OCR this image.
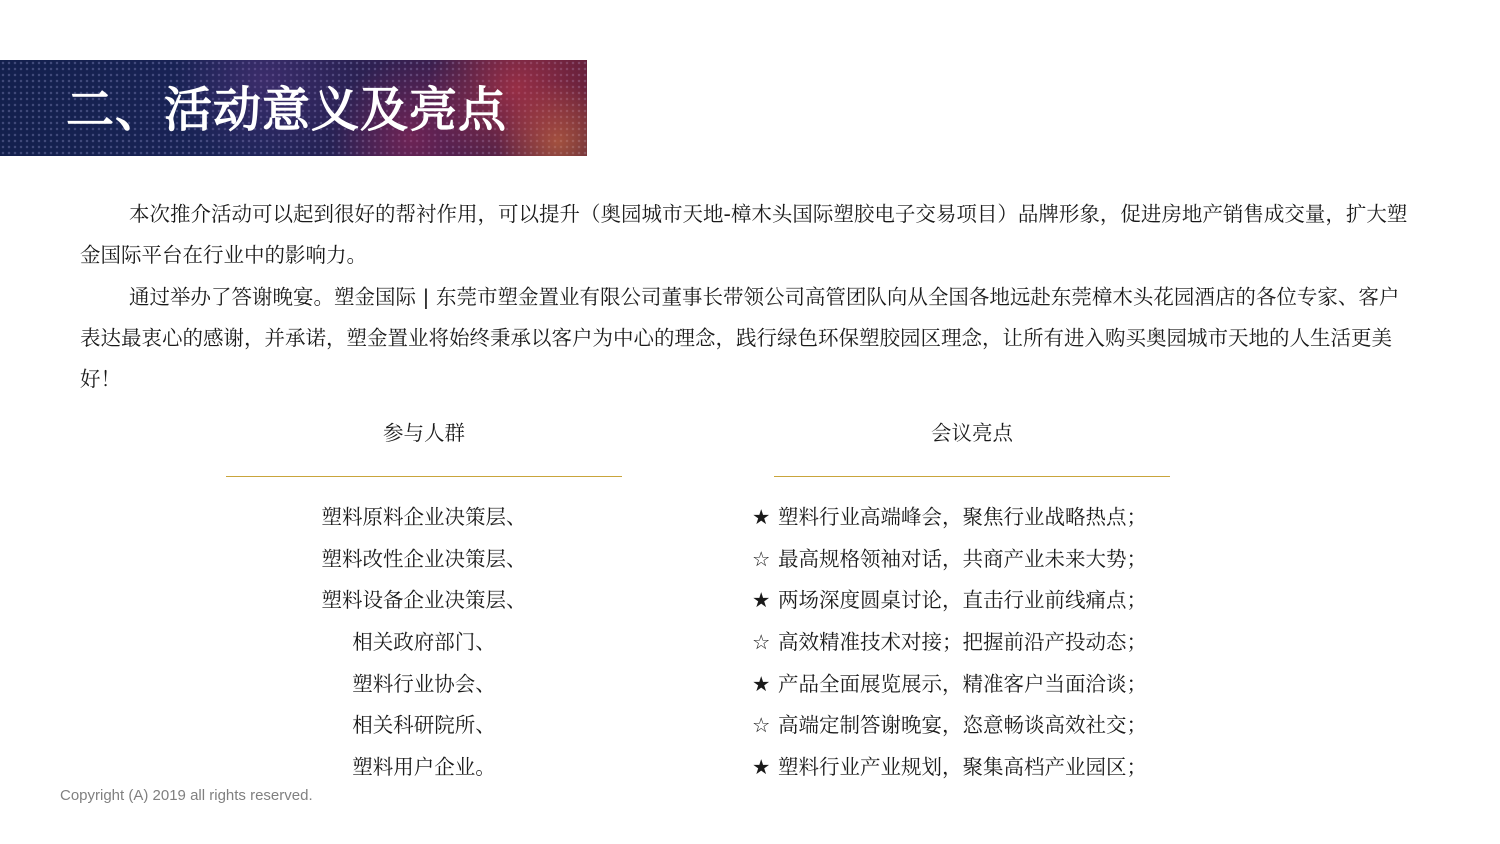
二、活动意义及亮点

本次推介活动可以起到很好的帮衬作用，可以提升（奥园城市天地-樟木头国际塑胶电子交易项目）品牌形象，促进房地产销售成交量，扩大塑金国际平台在行业中的影响力。

通过举办了答谢晚宴。塑金国际 | 东莞市塑金置业有限公司董事长带领公司高管团队向从全国各地远赴东莞樟木头花园酒店的各位专家、客户表达最衷心的感谢，并承诺，塑金置业将始终秉承以客户为中心的理念，践行绿色环保塑胶园区理念，让所有进入购买奥园城市天地的人生活更美好！

参与人群	会议亮点
塑料原料企业决策层、
塑料改性企业决策层、
塑料设备企业决策层、
相关政府部门、
塑料行业协会、
相关科研院所、
塑料用户企业。
★ 塑料行业高端峰会，聚焦行业战略热点；
☆ 最高规格领袖对话，共商产业未来大势；
★ 两场深度圆桌讨论，直击行业前线痛点；
☆ 高效精准技术对接；把握前沿产投动态；
★ 产品全面展览展示，精准客户当面洽谈；
☆ 高端定制答谢晚宴，恣意畅谈高效社交；
★ 塑料行业产业规划，聚集高档产业园区；
Copyright (A) 2019 all rights reserved.
